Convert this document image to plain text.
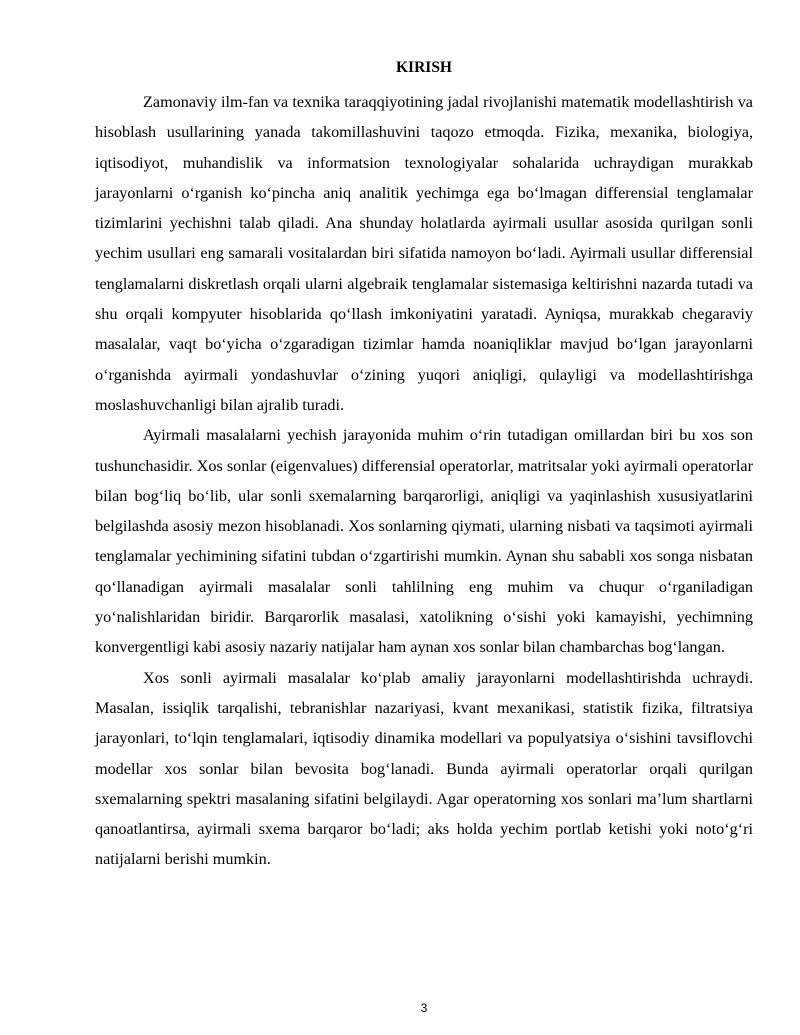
KIRISH

Zamonaviy ilm-fan va texnika taraqqiyotining jadal rivojlanishi matematik modellashtirish va hisoblash usullarining yanada takomillashuvini taqozo etmoqda. Fizika, mexanika, biologiya, iqtisodiyot, muhandislik va informatsion texnologiyalar sohalarida uchraydigan murakkab jarayonlarni o‘rganish ko‘pincha aniq analitik yechimga ega bo‘lmagan differensial tenglamalar tizimlarini yechishni talab qiladi. Ana shunday holatlarda ayirmali usullar asosida qurilgan sonli yechim usullari eng samarali vositalardan biri sifatida namoyon bo‘ladi. Ayirmali usullar differensial tenglamalarni diskretlash orqali ularni algebraik tenglamalar sistemasiga keltirishni nazarda tutadi va shu orqali kompyuter hisoblarida qo‘llash imkoniyatini yaratadi. Ayniqsa, murakkab chegaraviy masalalar, vaqt bo‘yicha o‘zgaradigan tizimlar hamda noaniqliklar mavjud bo‘lgan jarayonlarni o‘rganishda ayirmali yondashuvlar o‘zining yuqori aniqligi, qulayligi va modellashtirishga moslashuvchanligi bilan ajralib turadi.

Ayirmali masalalarni yechish jarayonida muhim o‘rin tutadigan omillardan biri bu xos son tushunchasidir. Xos sonlar (eigenvalues) differensial operatorlar, matritsalar yoki ayirmali operatorlar bilan bog‘liq bo‘lib, ular sonli sxemalarning barqarorligi, aniqligi va yaqinlashish xususiyatlarini belgilashda asosiy mezon hisoblanadi. Xos sonlarning qiymati, ularning nisbati va taqsimoti ayirmali tenglamalar yechimining sifatini tubdan o‘zgartirishi mumkin. Aynan shu sababli xos songa nisbatan qo‘llanadigan ayirmali masalalar sonli tahlilning eng muhim va chuqur o‘rganiladigan yo‘nalishlaridan biridir. Barqarorlik masalasi, xatolikning o‘sishi yoki kamayishi, yechimning konvergentligi kabi asosiy nazariy natijalar ham aynan xos sonlar bilan chambarchas bog‘langan.

Xos sonli ayirmali masalalar ko‘plab amaliy jarayonlarni modellashtirishda uchraydi. Masalan, issiqlik tarqalishi, tebranishlar nazariyasi, kvant mexanikasi, statistik fizika, filtratsiya jarayonlari, to‘lqin tenglamalari, iqtisodiy dinamika modellari va populyatsiya o‘sishini tavsiflovchi modellar xos sonlar bilan bevosita bog‘lanadi. Bunda ayirmali operatorlar orqali qurilgan sxemalarning spektri masalaning sifatini belgilaydi. Agar operatorning xos sonlari ma’lum shartlarni qanoatlantirsa, ayirmali sxema barqaror bo‘ladi; aks holda yechim portlab ketishi yoki noto‘g‘ri natijalarni berishi mumkin.

3
